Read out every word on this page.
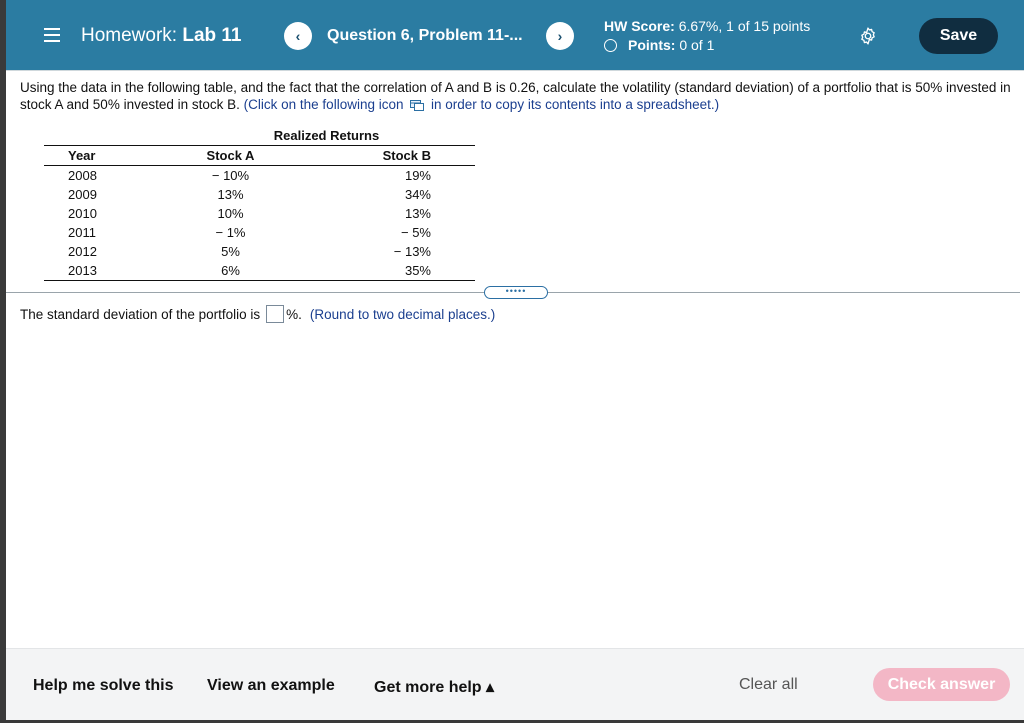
Homework: Lab 11	‹	Question 6, Problem 11-...	›
HW Score: 6.67%, 1 of 15 points
Points:
0 of 1
Save
Using the data in the following table, and the fact that the correlation of A and B is 0.26, calculate the volatility (standard deviation) of a portfolio that is 50% invested in stock A and 50% invested in stock B. (Click on the following icon in order to copy its contents into a spreadsheet.)
	Realized Returns	
Year	Stock A	Stock B
2008	− 10%	19%
2009	13%	34%
2010	10%	13%
2011	− 1%	− 5%
2012	5%	− 13%
2013	6%	35%
•••••
The standard deviation of the portfolio is %. (Round to two decimal places.)
Help me solve this View an example Get more help ▴	Clear all	Check answer
